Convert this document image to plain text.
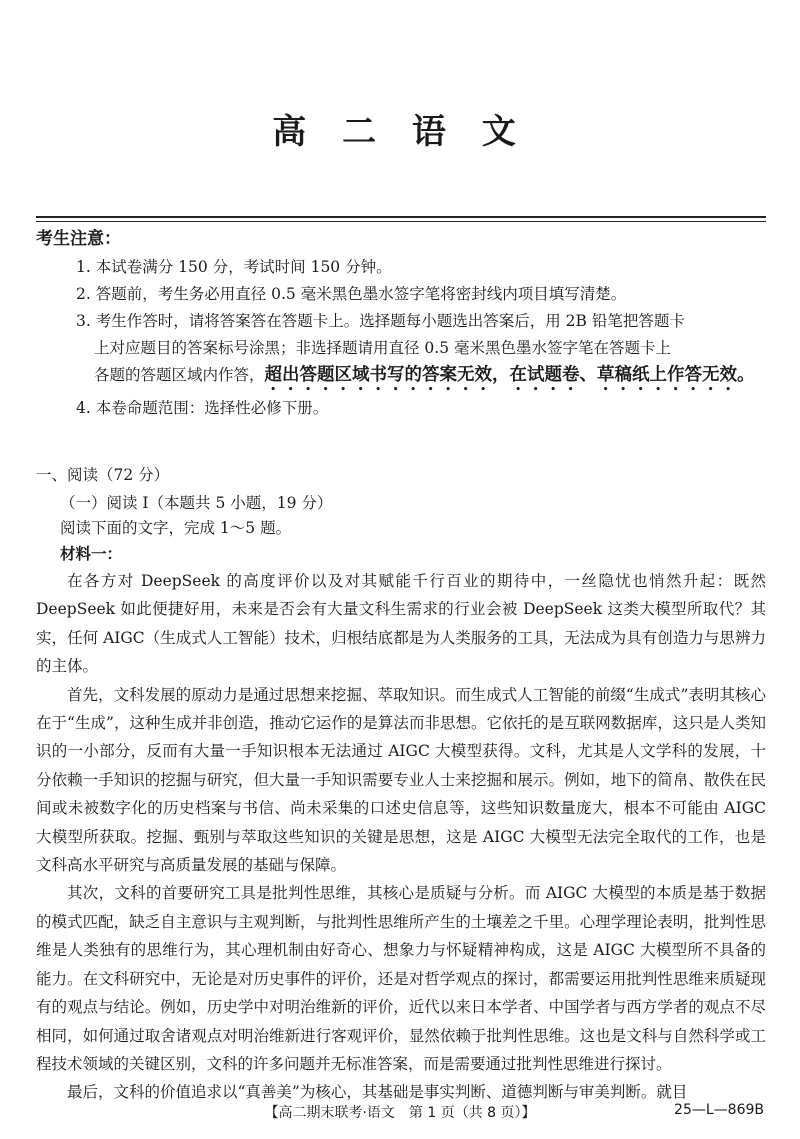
高 二 语 文
考生注意：
1. 本试卷满分 150 分，考试时间 150 分钟。
2. 答题前，考生务必用直径 0.5 毫米黑色墨水签字笔将密封线内项目填写清楚。
3. 考生作答时，请将答案答在答题卡上。选择题每小题选出答案后，用 2B 铅笔把答题卡
上对应题目的答案标号涂黑；非选择题请用直径 0.5 毫米黑色墨水签字笔在答题卡上
各题的答题区域内作答，超出答题区域书写的答案无效，在试题卷、草稿纸上作答无效。
4. 本卷命题范围：选择性必修下册。
一、阅读（72 分）
（一）阅读 Ⅰ（本题共 5 小题，19 分）
阅读下面的文字，完成 1～5 题。
材料一：

在各方对 DeepSeek 的高度评价以及对其赋能千行百业的期待中，一丝隐忧也悄然升起：既然 DeepSeek 如此便捷好用，未来是否会有大量文科生需求的行业会被 DeepSeek 这类大模型所取代？其实，任何 AIGC（生成式人工智能）技术，归根结底都是为人类服务的工具，无法成为具有创造力与思辨力的主体。

首先，文科发展的原动力是通过思想来挖掘、萃取知识。而生成式人工智能的前缀“生成式”表明其核心在于“生成”，这种生成并非创造，推动它运作的是算法而非思想。它依托的是互联网数据库，这只是人类知识的一小部分，反而有大量一手知识根本无法通过 AIGC 大模型获得。文科，尤其是人文学科的发展，十分依赖一手知识的挖掘与研究，但大量一手知识需要专业人士来挖掘和展示。例如，地下的简帛、散佚在民间或未被数字化的历史档案与书信、尚未采集的口述史信息等，这些知识数量庞大，根本不可能由 AIGC 大模型所获取。挖掘、甄别与萃取这些知识的关键是思想，这是 AIGC 大模型无法完全取代的工作，也是文科高水平研究与高质量发展的基础与保障。

其次，文科的首要研究工具是批判性思维，其核心是质疑与分析。而 AIGC 大模型的本质是基于数据的模式匹配，缺乏自主意识与主观判断，与批判性思维所产生的土壤差之千里。心理学理论表明，批判性思维是人类独有的思维行为，其心理机制由好奇心、想象力与怀疑精神构成，这是 AIGC 大模型所不具备的能力。在文科研究中，无论是对历史事件的评价，还是对哲学观点的探讨，都需要运用批判性思维来质疑现有的观点与结论。例如，历史学中对明治维新的评价，近代以来日本学者、中国学者与西方学者的观点不尽相同，如何通过取舍诸观点对明治维新进行客观评价，显然依赖于批判性思维。这也是文科与自然科学或工程技术领域的关键区别，文科的许多问题并无标准答案，而是需要通过批判性思维进行探讨。

最后，文科的价值追求以“真善美”为核心，其基础是事实判断、道德判断与审美判断。就目

【高二期末联考·语文　第 1 页（共 8 页）】	25—L—869B
